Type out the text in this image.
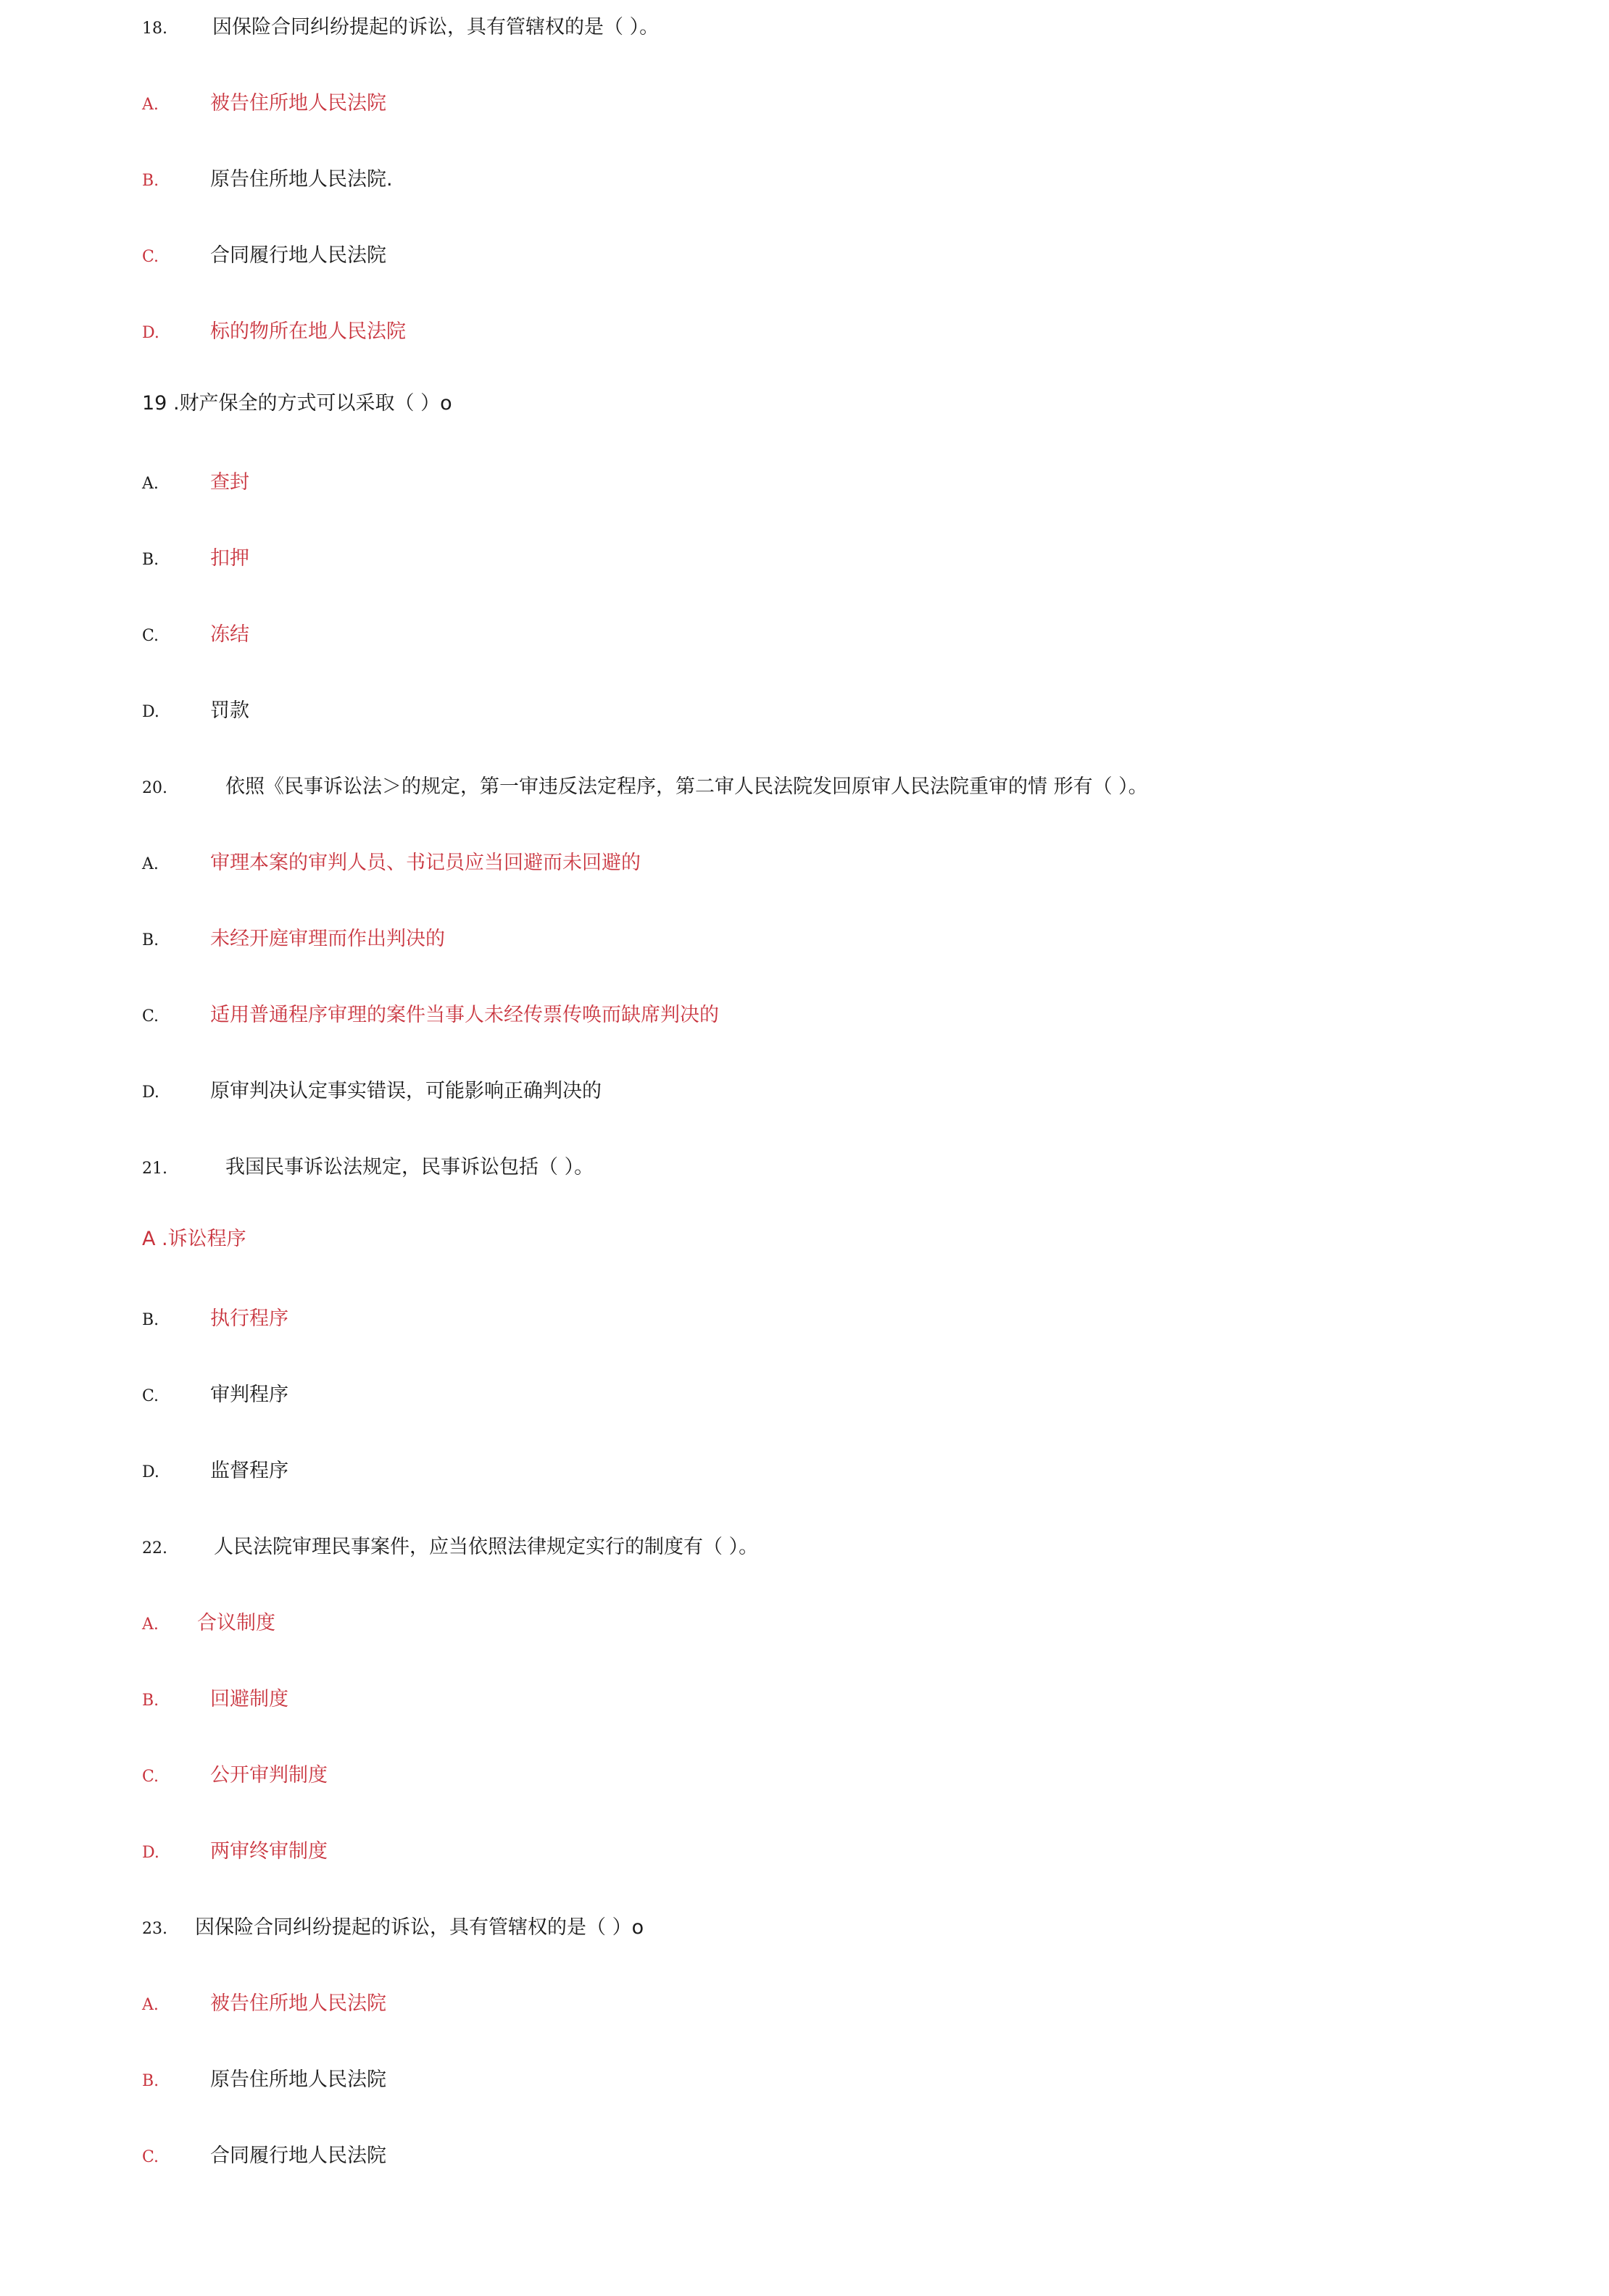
18. 因保险合同纠纷提起的诉讼，具有管辖权的是（ ）。
A.	被告住所地人民法院
B.	原告住所地人民法院.
C.	合同履行地人民法院
D.	标的物所在地人民法院
19 .财产保全的方式可以采取（ ）o
A.	查封
B.	扣押
C.	冻结
D.	罚款
20.	依照《民事诉讼法＞的规定，第一审违反法定程序，第二审人民法院发回原审人民法院重审的情 形有（ ）。
A.	审理本案的审判人员、书记员应当回避而未回避的
B.	未经开庭审理而作出判决的
C.	适用普通程序审理的案件当事人未经传票传唤而缺席判决的
D.	原审判决认定事实错误，可能影响正确判决的
21.	我国民事诉讼法规定，民事诉讼包括（ ）。
A .诉讼程序
B.	执行程序
C.	审判程序
D.	监督程序
22. 人民法院审理民事案件，应当依照法律规定实行的制度有（ ）。
A. 合议制度
B.	回避制度
C.	公开审判制度
D.	两审终审制度
23. 因保险合同纠纷提起的诉讼，具有管辖权的是（ ）o
A.	被告住所地人民法院
B.	原告住所地人民法院
C.	合同履行地人民法院
